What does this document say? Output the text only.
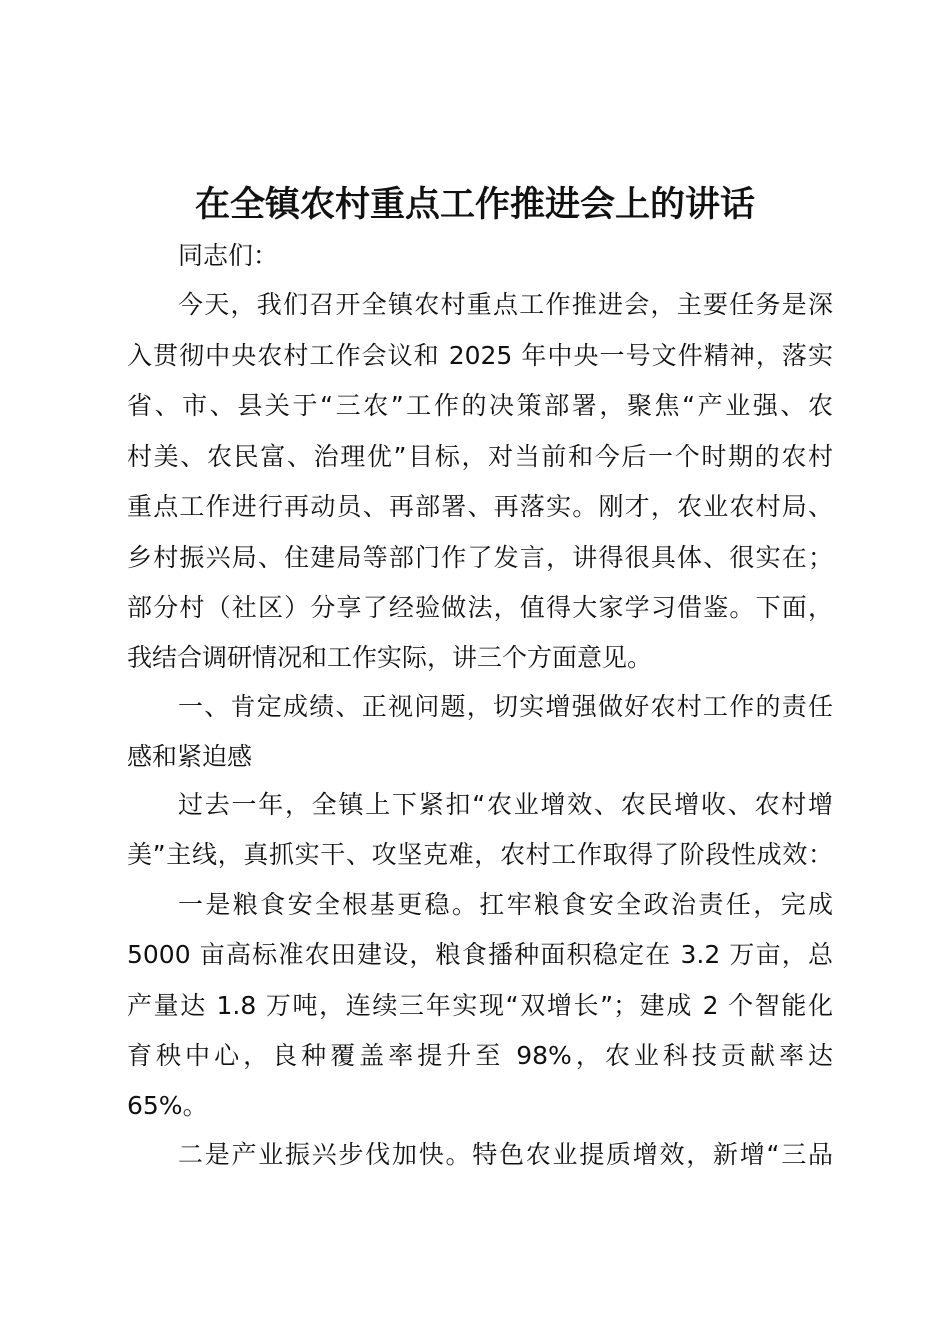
在全镇农村重点工作推进会上的讲话

同志们：

今天，我们召开全镇农村重点工作推进会，主要任务是深

入贯彻中央农村工作会议和 2025 年中央一号文件精神，落实

省、市、县关于“三农”工作的决策部署，聚焦“产业强、农

村美、农民富、治理优”目标，对当前和今后一个时期的农村

重点工作进行再动员、再部署、再落实。刚才，农业农村局、

乡村振兴局、住建局等部门作了发言，讲得很具体、很实在；

部分村（社区）分享了经验做法，值得大家学习借鉴。下面，

我结合调研情况和工作实际，讲三个方面意见。

一、肯定成绩、正视问题，切实增强做好农村工作的责任

感和紧迫感

过去一年，全镇上下紧扣“农业增效、农民增收、农村增

美”主线，真抓实干、攻坚克难，农村工作取得了阶段性成效：

一是粮食安全根基更稳。扛牢粮食安全政治责任，完成

5000 亩高标准农田建设，粮食播种面积稳定在 3.2 万亩，总

产量达 1.8 万吨，连续三年实现“双增长”；建成 2 个智能化

育秧中心，良种覆盖率提升至 98%，农业科技贡献率达

65%。

二是产业振兴步伐加快。特色农业提质增效，新增“三品
